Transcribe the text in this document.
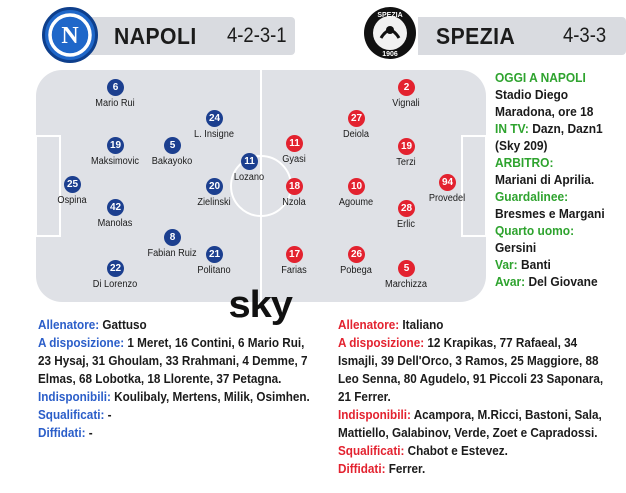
N NAPOLI 4-2-3-1
SPEZIA
1906
SPEZIA 4-3-3
6
Mario Rui
19
Maksimovic
25
Ospina
42
Manolas
22
Di Lorenzo
5
Bakayoko
8
Fabian Ruiz
24
L. Insigne
20
Zielinski
21
Politano
11
Lozano
11
Gyasi
18
Nzola
17
Farias
27
Deiola
10
Agoume
26
Pobega
2
Vignali
19
Terzi
28
Erlic
5
Marchizza
94
Provedel
sky
OGGI A NAPOLI
Stadio Diego Maradona, ore 18
IN TV: Dazn, Dazn1 (Sky 209)
ARBITRO:
Mariani di Aprilia.
Guardalinee:
Bresmes e Margani
Quarto uomo:
Gersini
Var: Banti
Avar: Del Giovane
Allenatore: Gattuso
A disposizione: 1 Meret, 16 Contini, 6 Mario Rui, 23 Hysaj, 31 Ghoulam, 33 Rrahmani, 4 Demme, 7 Elmas, 68 Lobotka, 18 Llorente, 37 Petagna.
Indisponibili: Koulibaly, Mertens, Milik, Osimhen.
Squalificati: -
Diffidati: -
Allenatore: Italiano
A disposizione: 12 Krapikas, 77 Rafaeal, 34 Ismajli, 39 Dell'Orco, 3 Ramos, 25 Maggiore, 88 Leo Senna, 80 Agudelo, 91 Piccoli 23 Saponara, 21 Ferrer.
Indisponibili: Acampora, M.Ricci, Bastoni, Sala, Mattiello, Galabinov, Verde, Zoet e Capradossi.
Squalificati: Chabot e Estevez.
Diffidati: Ferrer.
